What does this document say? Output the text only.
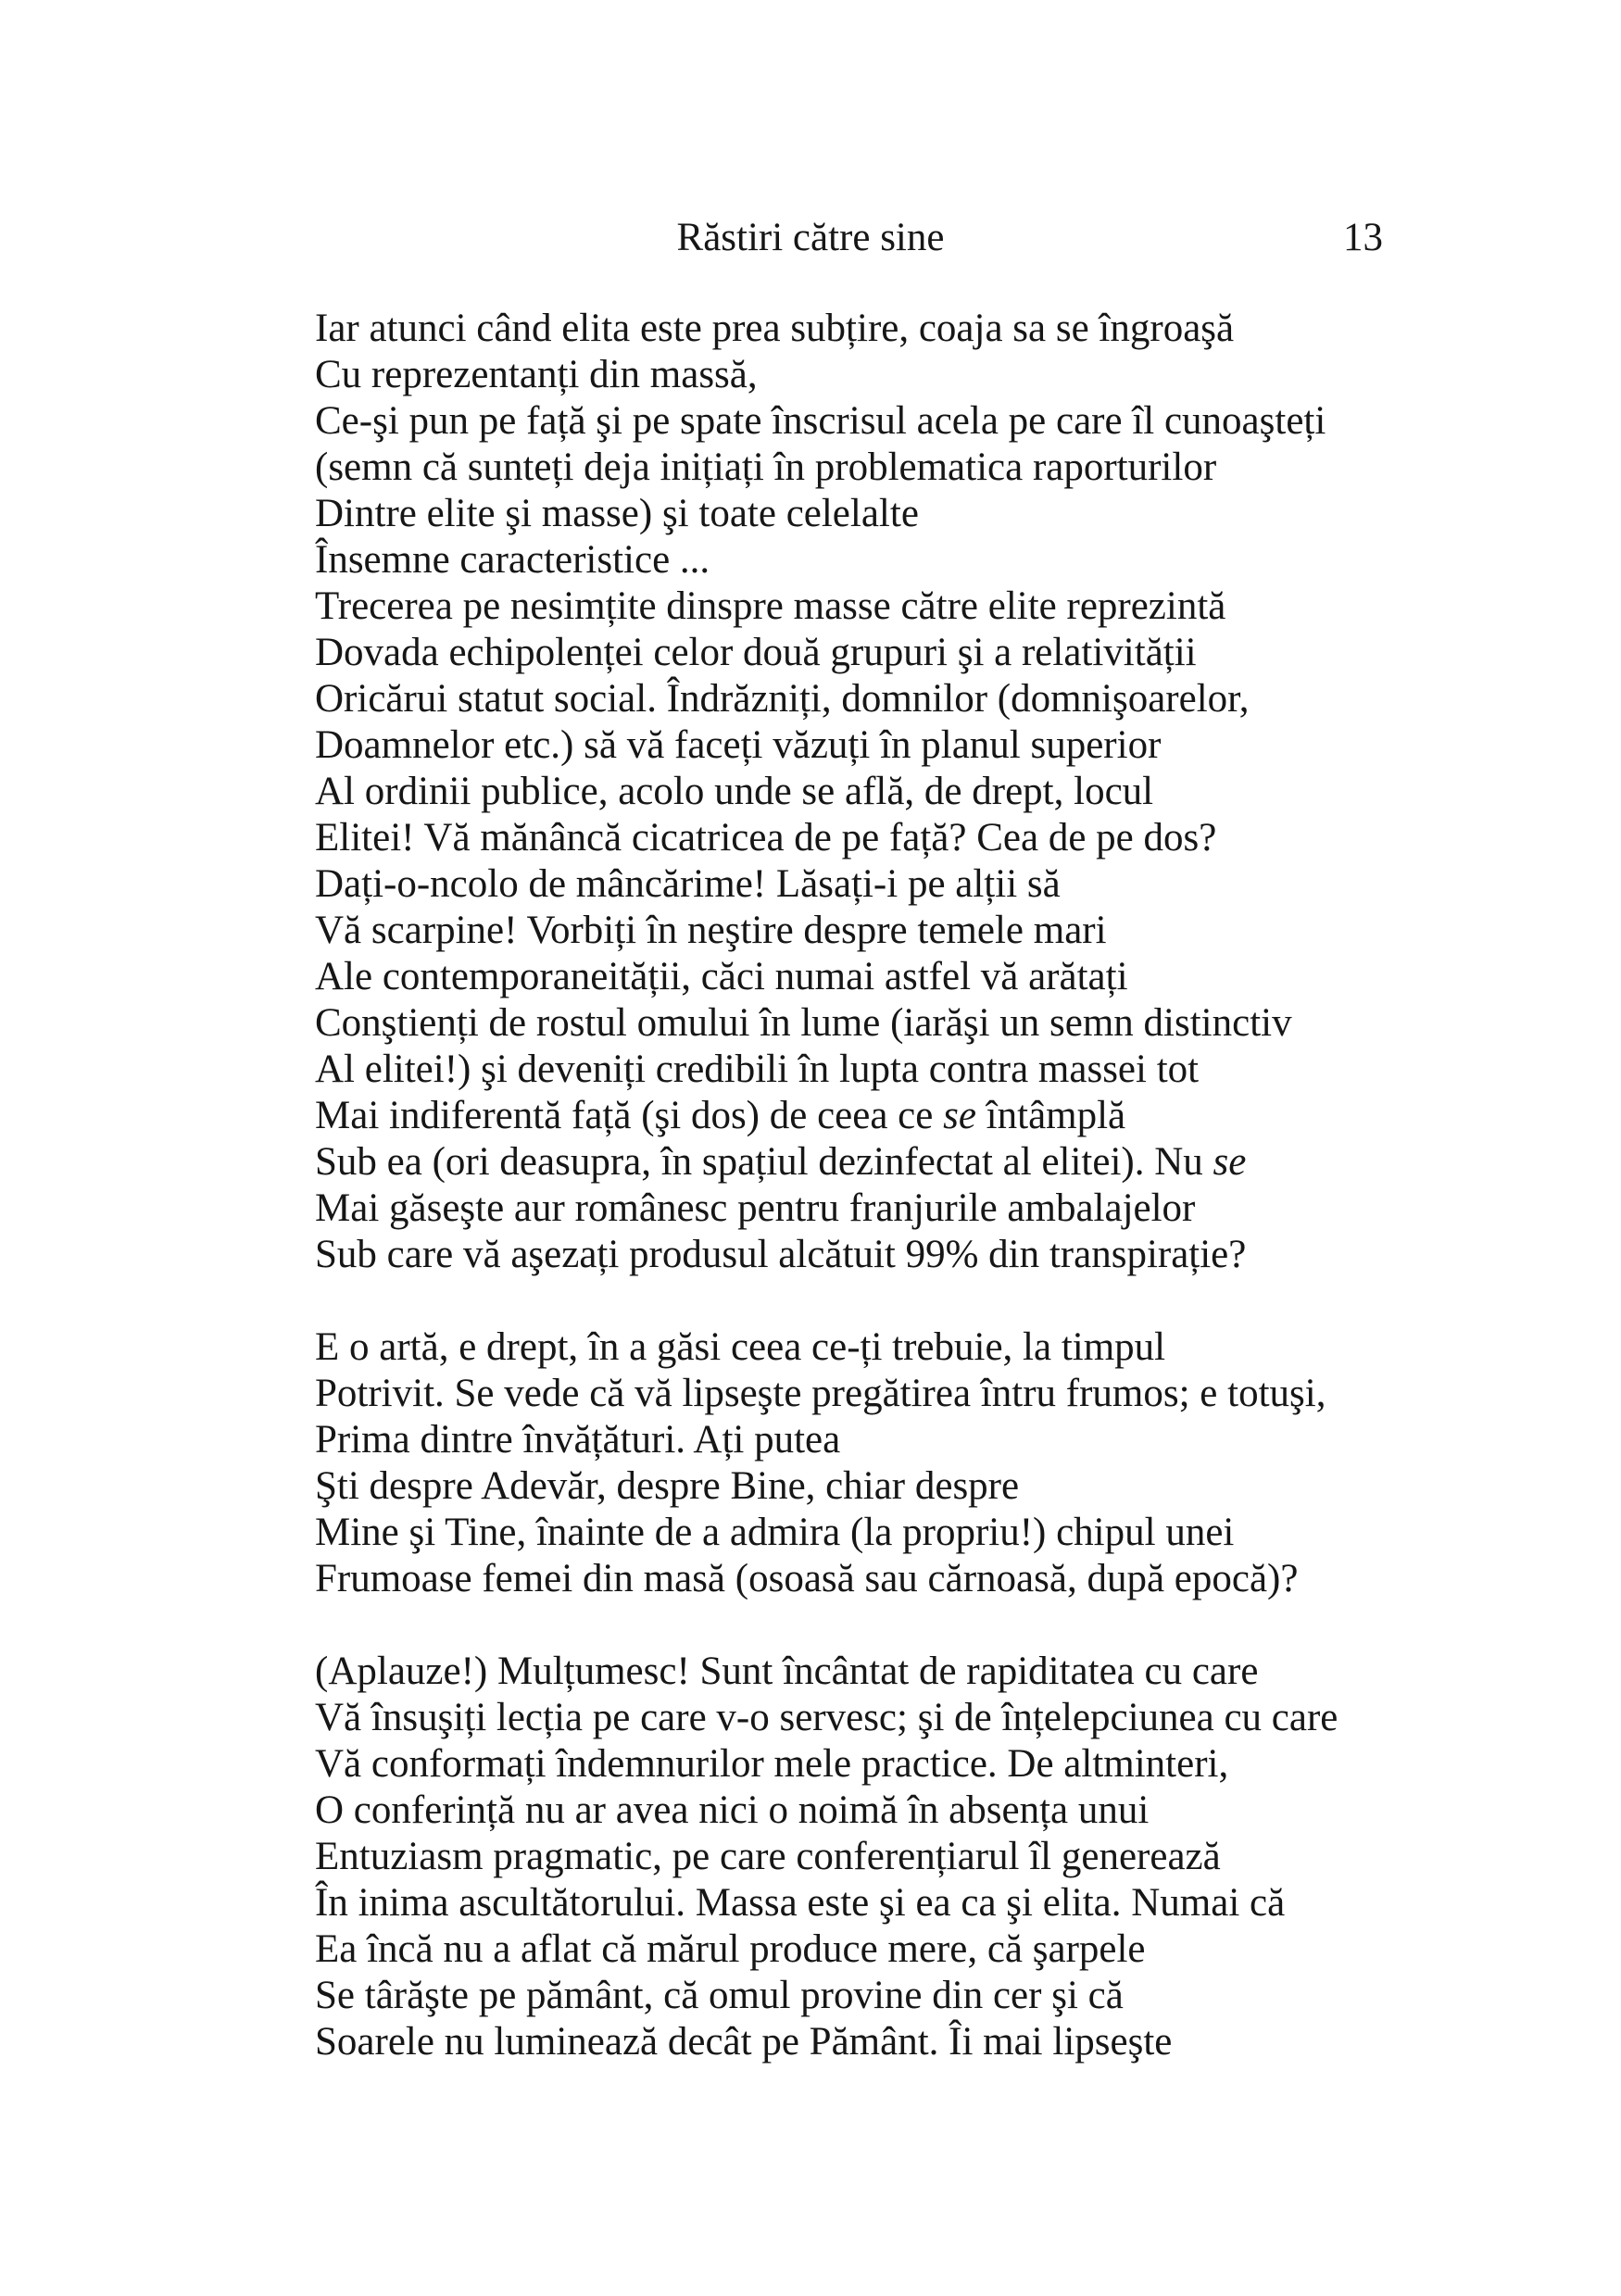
Răstiri către sine	13

Iar atunci când elita este prea subțire, coaja sa se îngroaşă

Cu reprezentanți din massă,

Ce-şi pun pe față şi pe spate înscrisul acela pe care îl cunoaşteți

(semn că sunteți deja inițiați în problematica raporturilor

Dintre elite şi masse) şi toate celelalte

Însemne caracteristice ...

Trecerea pe nesimțite dinspre masse către elite reprezintă

Dovada echipolenței celor două grupuri şi a relativității

Oricărui statut social. Îndrăzniți, domnilor (domnişoarelor,

Doamnelor etc.) să vă faceți văzuți în planul superior

Al ordinii publice, acolo unde se află, de drept, locul

Elitei! Vă mănâncă cicatricea de pe față? Cea de pe dos?

Dați-o-ncolo de mâncărime! Lăsați-i pe alții să

Vă scarpine! Vorbiți în neştire despre temele mari

Ale contemporaneității, căci numai astfel vă arătați

Conştienți de rostul omului în lume (iarăşi un semn distinctiv

Al elitei!) şi deveniți credibili în lupta contra massei tot

Mai indiferentă față (şi dos) de ceea ce se întâmplă

Sub ea (ori deasupra, în spațiul dezinfectat al elitei). Nu se

Mai găseşte aur românesc pentru franjurile ambalajelor

Sub care vă aşezați produsul alcătuit 99% din transpirație?

E o artă, e drept, în a găsi ceea ce-ți trebuie, la timpul

Potrivit. Se vede că vă lipseşte pregătirea întru frumos; e totuşi,

Prima dintre învățături. Ați putea

Şti despre Adevăr, despre Bine, chiar despre

Mine şi Tine, înainte de a admira (la propriu!) chipul unei

Frumoase femei din masă (osoasă sau cărnoasă, după epocă)?

(Aplauze!) Mulțumesc! Sunt încântat de rapiditatea cu care

Vă însuşiți lecția pe care v-o servesc; şi de înțelepciunea cu care

Vă conformați îndemnurilor mele practice. De altminteri,

O conferință nu ar avea nici o noimă în absența unui

Entuziasm pragmatic, pe care conferențiarul îl generează

În inima ascultătorului. Massa este şi ea ca şi elita. Numai că

Ea încă nu a aflat că mărul produce mere, că şarpele

Se târăşte pe pământ, că omul provine din cer şi că

Soarele nu luminează decât pe Pământ. Îi mai lipseşte
